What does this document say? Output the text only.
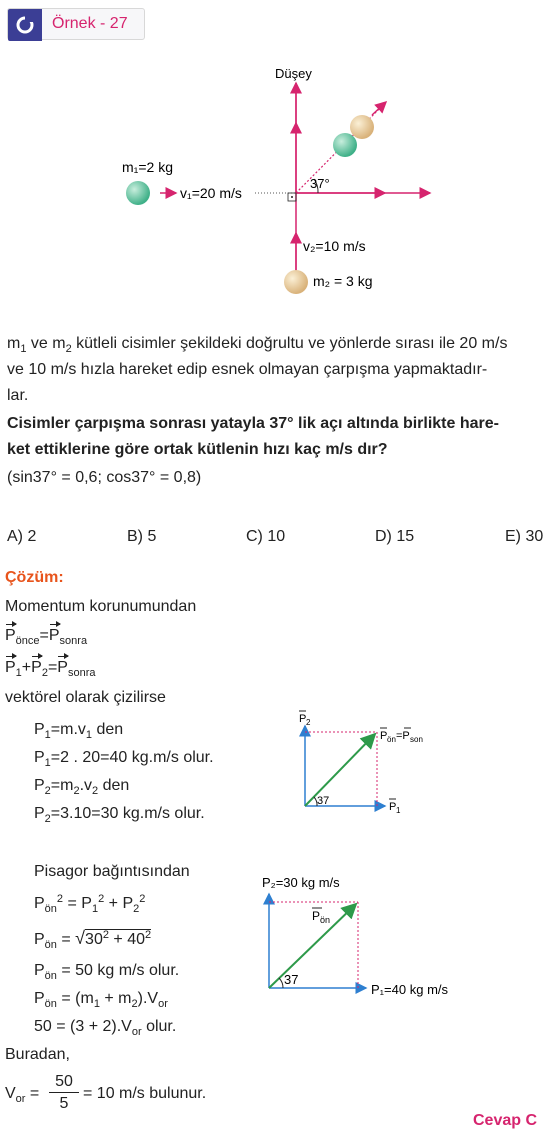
Örnek - 27
Düşey
37°
m₁=2 kg
v₁=20 m/s
v₂=10 m/s
m₂ = 3 kg

$m_1$ ve $m_2$ kütleli cisimler şekildeki doğrultu ve yönlerde sırası ile 20 m/s

ve 10 m/s hızla hareket edip esnek olmayan çarpışma yapmaktadır-

lar.

Cisimler çarpışma sonrası yatayla 37° lik açı altında birlikte hare-

ket ettiklerine göre ortak kütlenin hızı kaç m/s dır?

(sin37° = 0,6; cos37° = 0,8)

A) 2	B) 5	C) 10	D) 15	E) 30
Çözüm:
Momentum korunumundan
$P_{önce}=P_{sonra}$
$P_1+P_2=P_{sonra}$
vektörel olarak çizilirse
$P_1=m.v_1$ den
$P_1=2$ . 20=40 kg.m/s olur.
$P_2=m_2.v_2$ den
$P_2=3.10=30$ kg.m/s olur.
37
P 2
P 1
P ön =P son
Pisagor bağıntısından
$P_{ön}^2 = P_1^2 + P_2^2$
$P_{ön} = √30^2 + 40^2$
$P_{ön} = 50$ kg m/s olur.
$P_{ön} = (m_1 + m_2).V_{or}$
$50 = (3 + 2).V_{or}$ olur.
Buradan,
$V_{or}$ =
50
5
= 10 m/s bulunur.
37
P₂=30 kg m/s
P₁=40 kg m/s
P ön
Cevap C
